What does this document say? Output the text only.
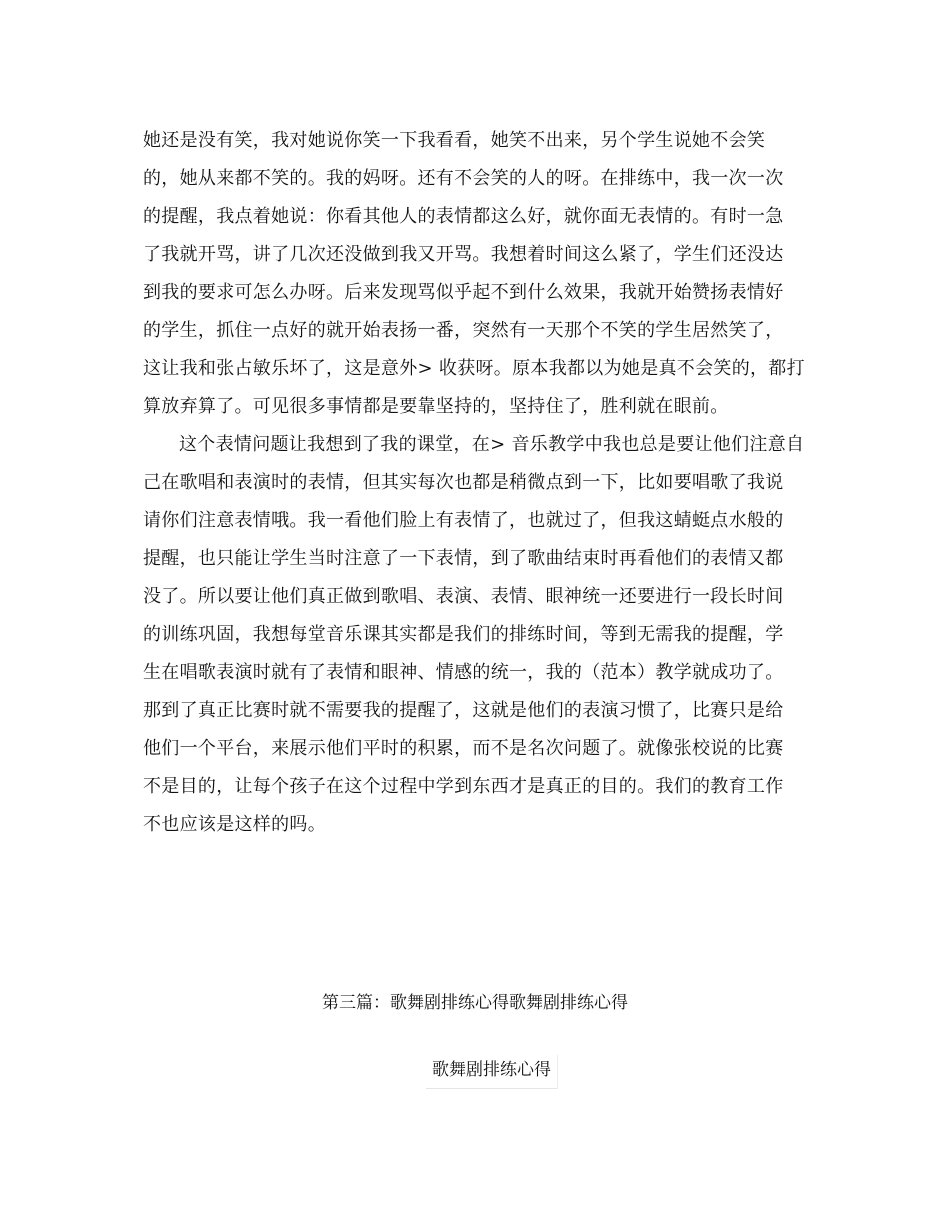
她还是没有笑，我对她说你笑一下我看看，她笑不出来，另个学生说她不会笑
的，她从来都不笑的。我的妈呀。还有不会笑的人的呀。在排练中，我一次一次
的提醒，我点着她说：你看其他人的表情都这么好，就你面无表情的。有时一急
了我就开骂，讲了几次还没做到我又开骂。我想着时间这么紧了，学生们还没达
到我的要求可怎么办呀。后来发现骂似乎起不到什么效果，我就开始赞扬表情好
的学生，抓住一点好的就开始表扬一番，突然有一天那个不笑的学生居然笑了，
这让我和张占敏乐坏了，这是意外> 收获呀。原本我都以为她是真不会笑的，都打
算放弃算了。可见很多事情都是要靠坚持的，坚持住了，胜利就在眼前。
这个表情问题让我想到了我的课堂，在> 音乐教学中我也总是要让他们注意自
己在歌唱和表演时的表情，但其实每次也都是稍微点到一下，比如要唱歌了我说
请你们注意表情哦。我一看他们脸上有表情了，也就过了，但我这蜻蜓点水般的
提醒，也只能让学生当时注意了一下表情，到了歌曲结束时再看他们的表情又都
没了。所以要让他们真正做到歌唱、表演、表情、眼神统一还要进行一段长时间
的训练巩固，我想每堂音乐课其实都是我们的排练时间，等到无需我的提醒，学
生在唱歌表演时就有了表情和眼神、情感的统一，我的（范本）教学就成功了。
那到了真正比赛时就不需要我的提醒了，这就是他们的表演习惯了，比赛只是给
他们一个平台，来展示他们平时的积累，而不是名次问题了。就像张校说的比赛
不是目的，让每个孩子在这个过程中学到东西才是真正的目的。我们的教育工作
不也应该是这样的吗。
第三篇：歌舞剧排练心得歌舞剧排练心得
歌舞剧排练心得
